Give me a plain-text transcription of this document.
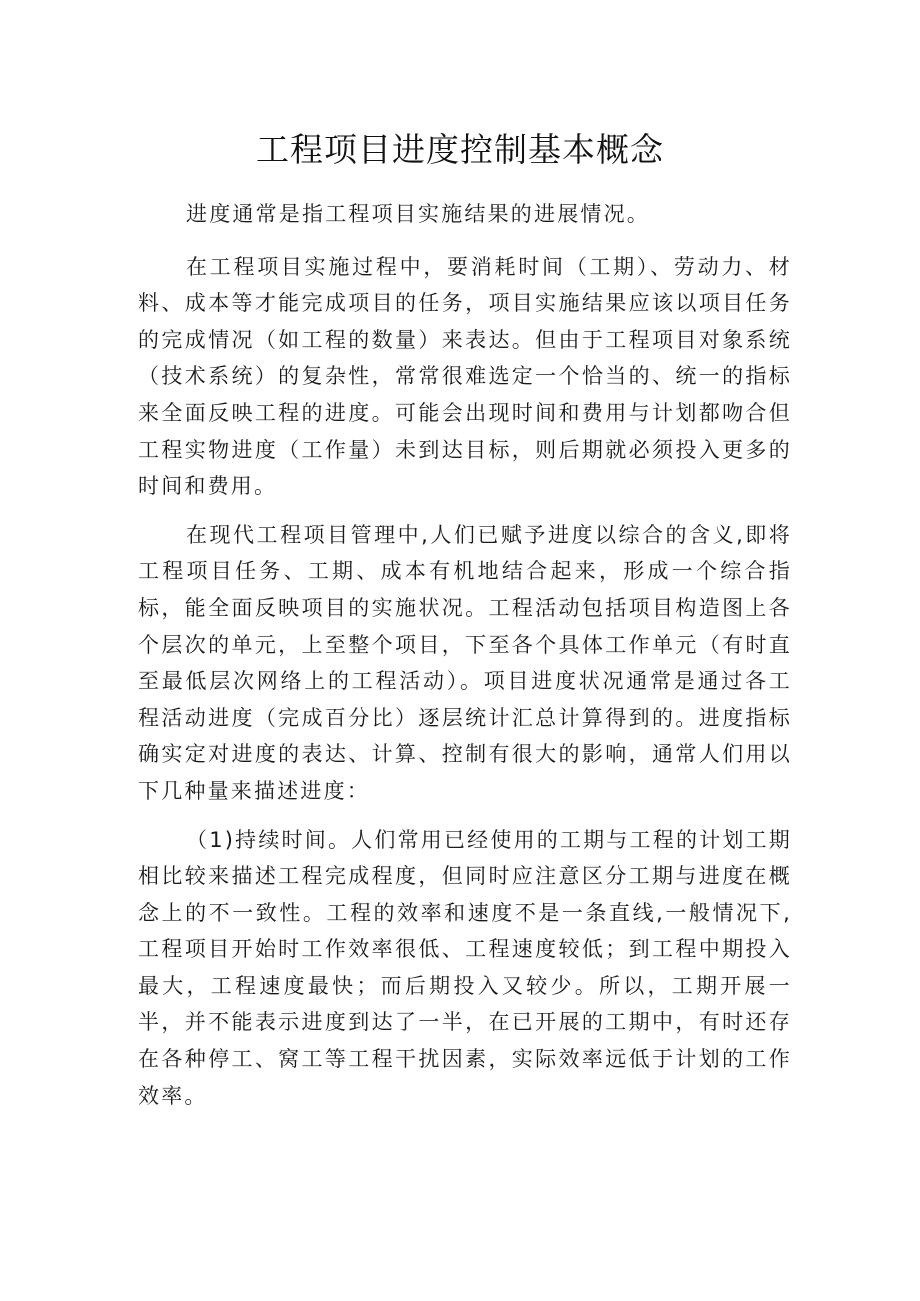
工程项目进度控制基本概念

进度通常是指工程项目实施结果的进展情况。

在工程项目实施过程中，要消耗时间（工期）、劳动力、材料、成本等才能完成项目的任务，项目实施结果应该以项目任务的完成情况（如工程的数量）来表达。但由于工程项目对象系统（技术系统）的复杂性，常常很难选定一个恰当的、统一的指标来全面反映工程的进度。可能会出现时间和费用与计划都吻合但工程实物进度（工作量）未到达目标，则后期就必须投入更多的时间和费用。

在现代工程项目管理中,人们已赋予进度以综合的含义,即将工程项目任务、工期、成本有机地结合起来，形成一个综合指标，能全面反映项目的实施状况。工程活动包括项目构造图上各个层次的单元，上至整个项目，下至各个具体工作单元（有时直至最低层次网络上的工程活动）。项目进度状况通常是通过各工程活动进度（完成百分比）逐层统计汇总计算得到的。进度指标确实定对进度的表达、计算、控制有很大的影响，通常人们用以下几种量来描述进度：

（1)持续时间。人们常用已经使用的工期与工程的计划工期相比较来描述工程完成程度，但同时应注意区分工期与进度在概念上的不一致性。工程的效率和速度不是一条直线,一般情况下,工程项目开始时工作效率很低、工程速度较低；到工程中期投入最大，工程速度最快；而后期投入又较少。所以，工期开展一半，并不能表示进度到达了一半，在已开展的工期中，有时还存在各种停工、窝工等工程干扰因素，实际效率远低于计划的工作效率。
